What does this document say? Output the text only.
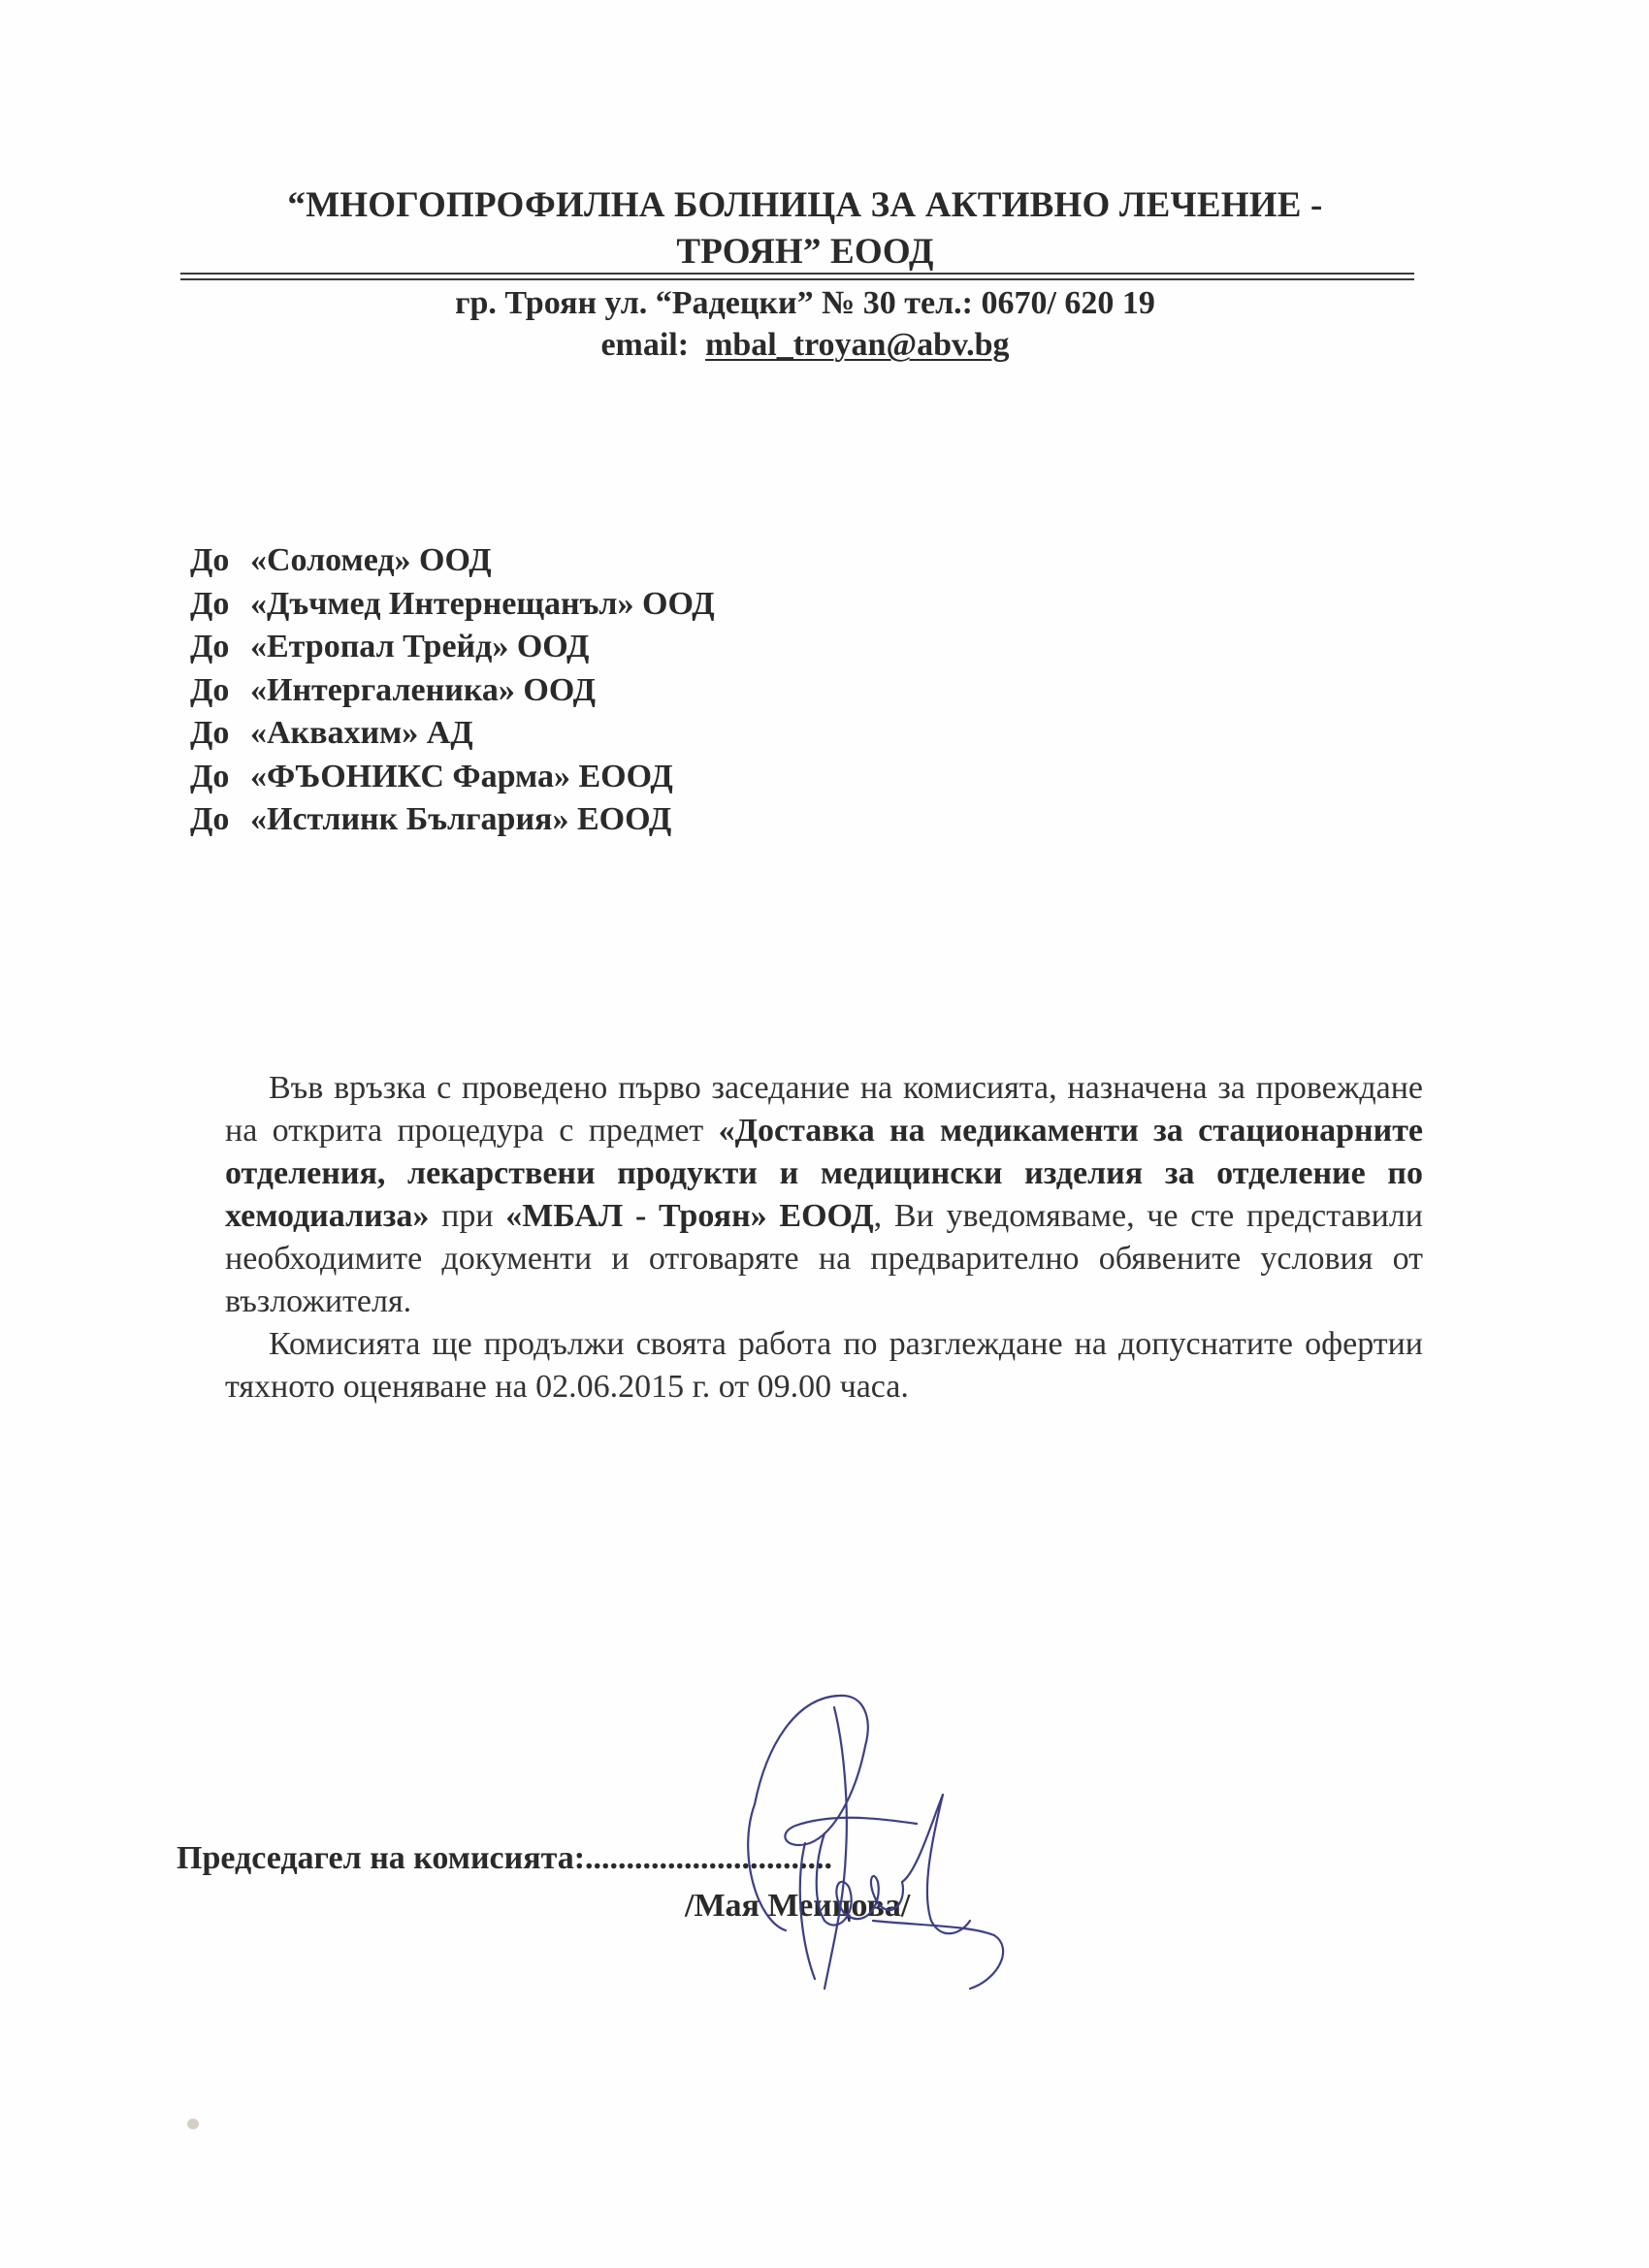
“МНОГОПРОФИЛНА БОЛНИЦА ЗА АКТИВНО ЛЕЧЕНИЕ -
ТРОЯН” ЕООД
гр. Троян ул. “Радецки” № 30 тел.: 0670/ 620 19
email: mbal_troyan@abv.bg
До «Соломед» ООД
До «Дъчмед Интернещанъл» ООД
До «Етропал Трейд» ООД
До «Интергаленика» ООД
До «Аквахим» АД
До «ФЪОНИКС Фарма» ЕООД
До «Истлинк България» ЕООД

Във връзка с проведено първо заседание на комисията, назначена за провеждане на открита процедура с предмет «Доставка на медикаменти за стационарните отделения, лекарствени продукти и медицински изделия за отделение по хемодиализа» при «МБАЛ - Троян» ЕООД, Ви уведомяваме, че сте представили необходимите документи и отговаряте на предварително обявените условия от възложителя.

Комисията ще продължи своята работа по разглеждане на допуснатите офертии тяхното оценяване на 02.06.2015 г. от 09.00 часа.

Председагел на комисията:..............................
/Мая Меицова/
